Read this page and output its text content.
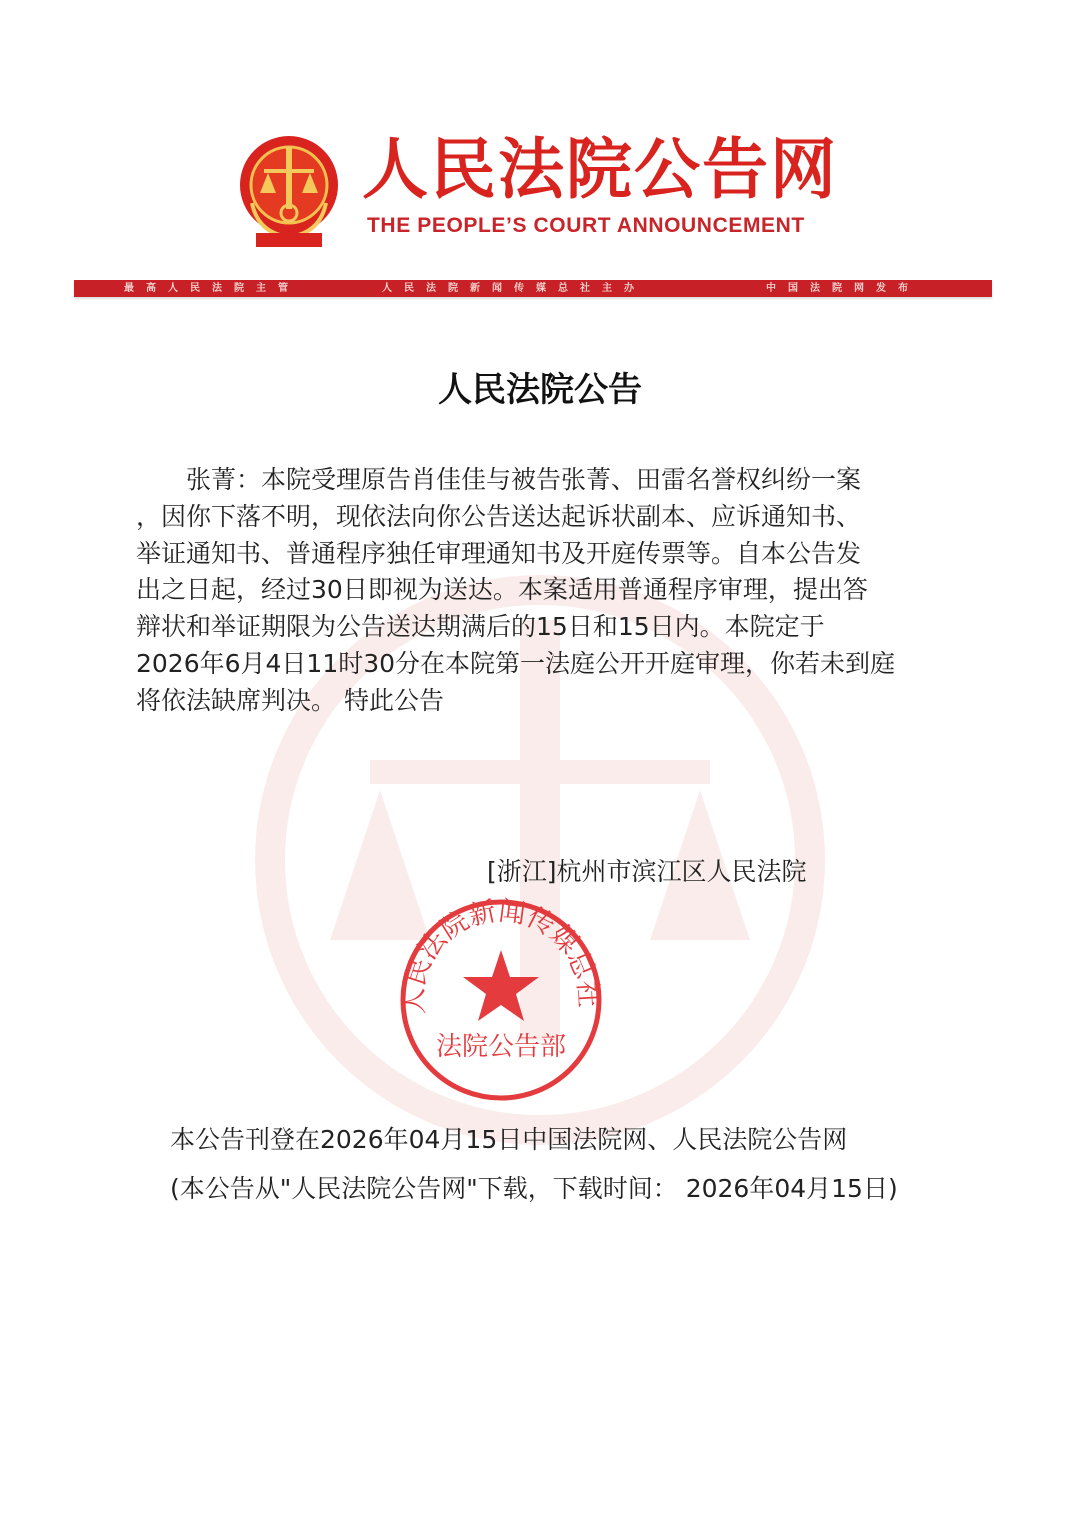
人民法院公告网
THE PEOPLE’S COURT ANNOUNCEMENT
最高人民法院主管	人民法院新闻传媒总社主办	中国法院网发布
人民法院公告
　　张菁：本院受理原告肖佳佳与被告张菁、田雷名誉权纠纷一案
，因你下落不明，现依法向你公告送达起诉状副本、应诉通知书、
举证通知书、普通程序独任审理通知书及开庭传票等。自本公告发
出之日起，经过30日即视为送达。本案适用普通程序审理，提出答
辩状和举证期限为公告送达期满后的15日和15日内。本院定于
2026年6月4日11时30分在本院第一法庭公开开庭审理，你若未到庭
将依法缺席判决。 特此公告
[浙江]杭州市滨江区人民法院
人民法院新闻传媒总社
法院公告部
本公告刊登在2026年04月15日中国法院网、人民法院公告网
(本公告从"人民法院公告网"下载，下载时间： 2026年04月15日)
